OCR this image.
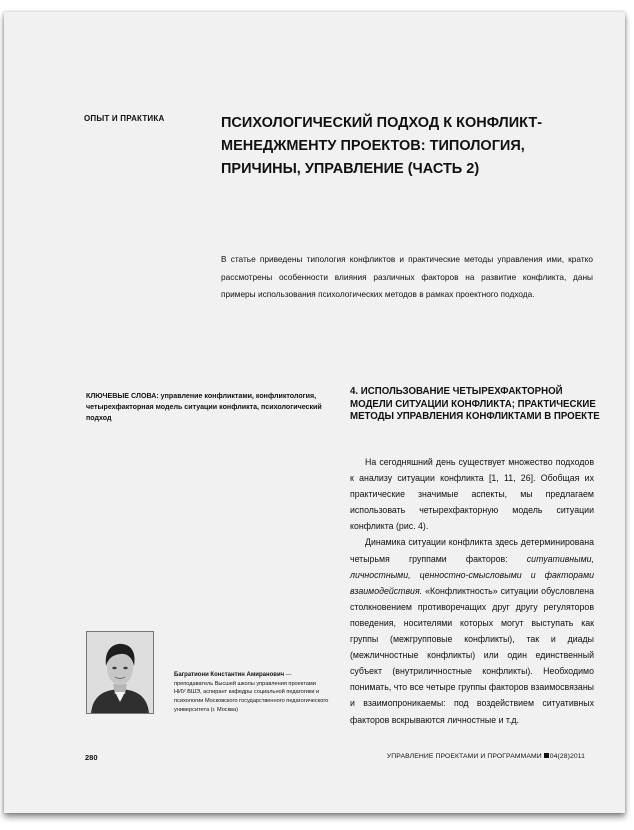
ОПЫТ И ПРАКТИКА	ПСИХОЛОГИЧЕСКИЙ ПОДХОД К КОНФЛИКТ-МЕНЕДЖМЕНТУ ПРОЕКТОВ: ТИПОЛОГИЯ, ПРИЧИНЫ, УПРАВЛЕНИЕ (ЧАСТЬ 2)
В статье приведены типология конфликтов и практические методы управления ими, кратко рассмотрены особенности влияния различных факторов на развитие конфликта, даны примеры использования психологических методов в рамках проектного подхода.
КЛЮЧЕВЫЕ СЛОВА: управление конфликтами, конфликтология, четырехфакторная модель ситуации конфликта, психологический подход
4. ИСПОЛЬЗОВАНИЕ ЧЕТЫРЕХФАКТОРНОЙ МОДЕЛИ СИТУАЦИИ КОНФЛИКТА; ПРАКТИЧЕСКИЕ МЕТОДЫ УПРАВЛЕНИЯ КОНФЛИКТАМИ В ПРОЕКТЕ

На сегодняшний день существует множество подходов к анализу ситуации конфликта [1, 11, 26]. Обобщая их практические значимые аспекты, мы предлагаем использовать четырехфакторную модель ситуации конфликта (рис. 4).

Динамика ситуации конфликта здесь детерминирована четырьмя группами факторов: ситуативными, личностными, ценностно-смысловыми и факторами взаимодействия. «Конфликтность» ситуации обусловлена столкновением противоречащих друг другу регуляторов поведения, носителями которых могут выступать как группы (межгрупповые конфликты), так и диады (межличностные конфликты) или один единственный субъект (внутриличностные конфликты). Необходимо понимать, что все четыре группы факторов взаимосвязаны и взаимопроникаемы: под воздействием ситуативных факторов вскрываются личностные и т.д.

Багратиони Константин Амиранович — преподаватель Высшей школы управления проектами НИУ ВШЭ, аспирант кафедры социальной педагогики и психологии Московского государственного педагогического университета (г. Москва)
280	УПРАВЛЕНИЕ ПРОЕКТАМИ И ПРОГРАММАМИ 04(28)2011
